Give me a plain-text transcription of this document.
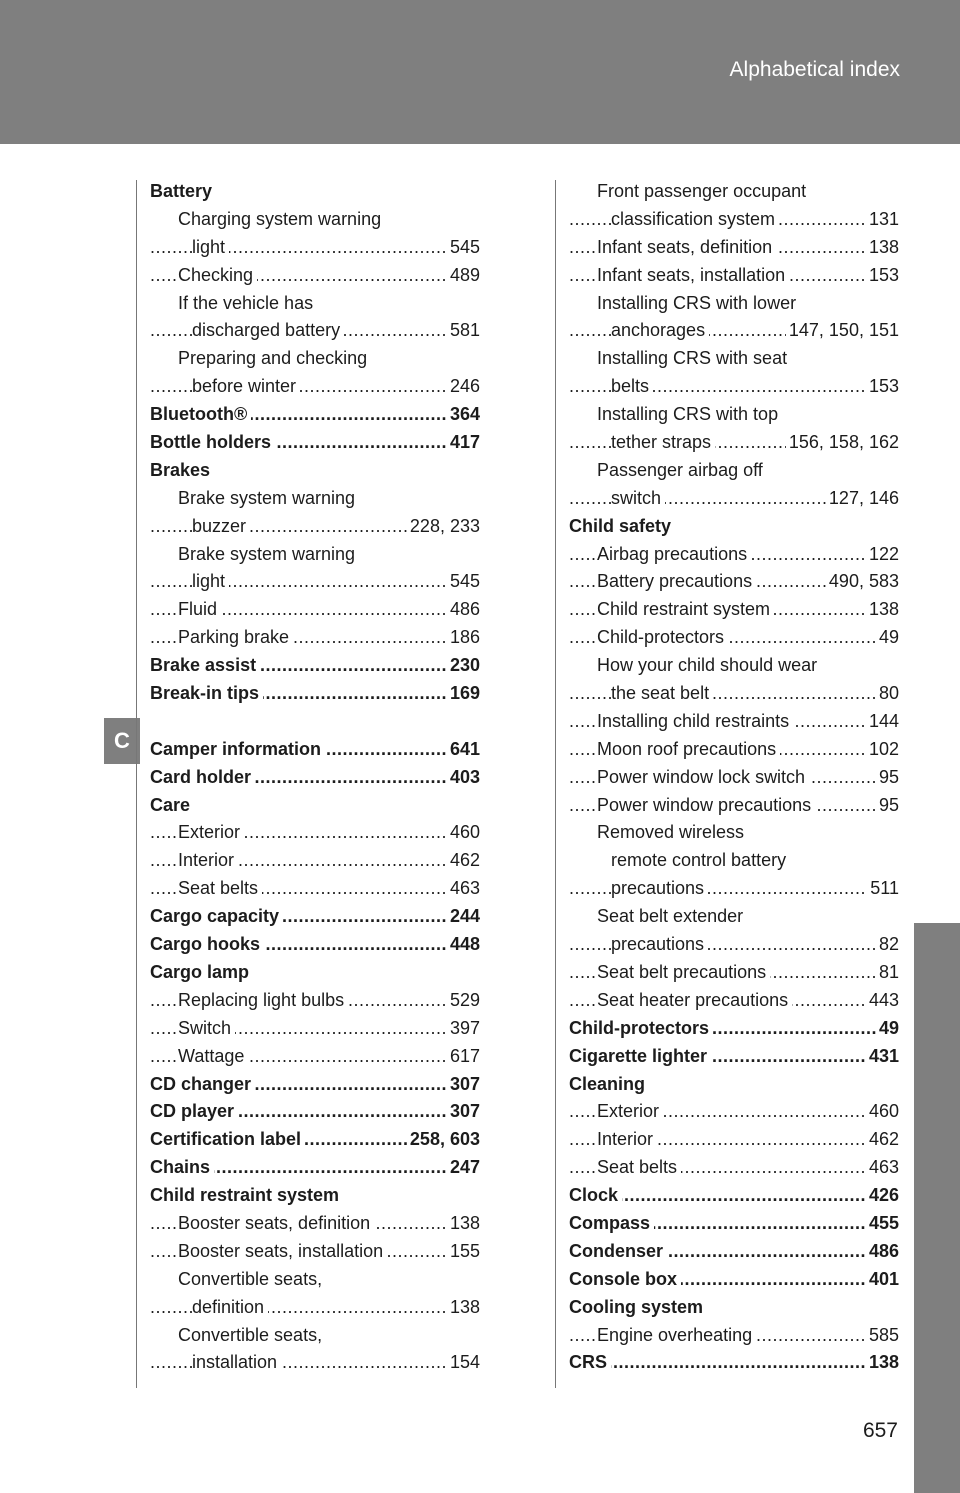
Alphabetical index
C
Battery
Charging system warning
light	545
.....
Checking	489
.....
If the vehicle has
discharged battery	581
.....
Preparing and checking
before winter	246
.....
Bluetooth®	364
.....
Bottle holders	417
.....
Brakes
Brake system warning
buzzer	228, 233
.....
Brake system warning
light	545
.....
Fluid	486
.....
Parking brake	186
.....
Brake assist	230
.....
Break-in tips	169
.....
Camper information	641
.....
Card holder	403
.....
Care
Exterior	460
.....
Interior	462
.....
Seat belts	463
.....
Cargo capacity	244
.....
Cargo hooks	448
.....
Cargo lamp
Replacing light bulbs	529
.....
Switch	397
.....
Wattage	617
.....
CD changer	307
.....
CD player	307
.....
Certification label	258, 603
.....
Chains	247
.....
Child restraint system
Booster seats, definition	138
.....
Booster seats, installation	155
.....
Convertible seats,
definition	138
.....
Convertible seats,
installation	154
.....
Front passenger occupant
classification system	131
.....
Infant seats, definition	138
.....
Infant seats, installation	153
.....
Installing CRS with lower
anchorages	147, 150, 151
.....
Installing CRS with seat
belts	153
.....
Installing CRS with top
tether straps	156, 158, 162
.....
Passenger airbag off
switch	127, 146
.....
Child safety
Airbag precautions	122
.....
Battery precautions	490, 583
.....
Child restraint system	138
.....
Child-protectors	49
.....
How your child should wear
the seat belt	80
.....
Installing child restraints	144
.....
Moon roof precautions	102
.....
Power window lock switch	95
.....
Power window precautions	95
.....
Removed wireless
remote control battery
precautions	511
.....
Seat belt extender
precautions	82
.....
Seat belt precautions	81
.....
Seat heater precautions	443
.....
Child-protectors	49
.....
Cigarette lighter	431
.....
Cleaning
Exterior	460
.....
Interior	462
.....
Seat belts	463
.....
Clock	426
.....
Compass	455
.....
Condenser	486
.....
Console box	401
.....
Cooling system
Engine overheating	585
.....
CRS	138
.....
657
